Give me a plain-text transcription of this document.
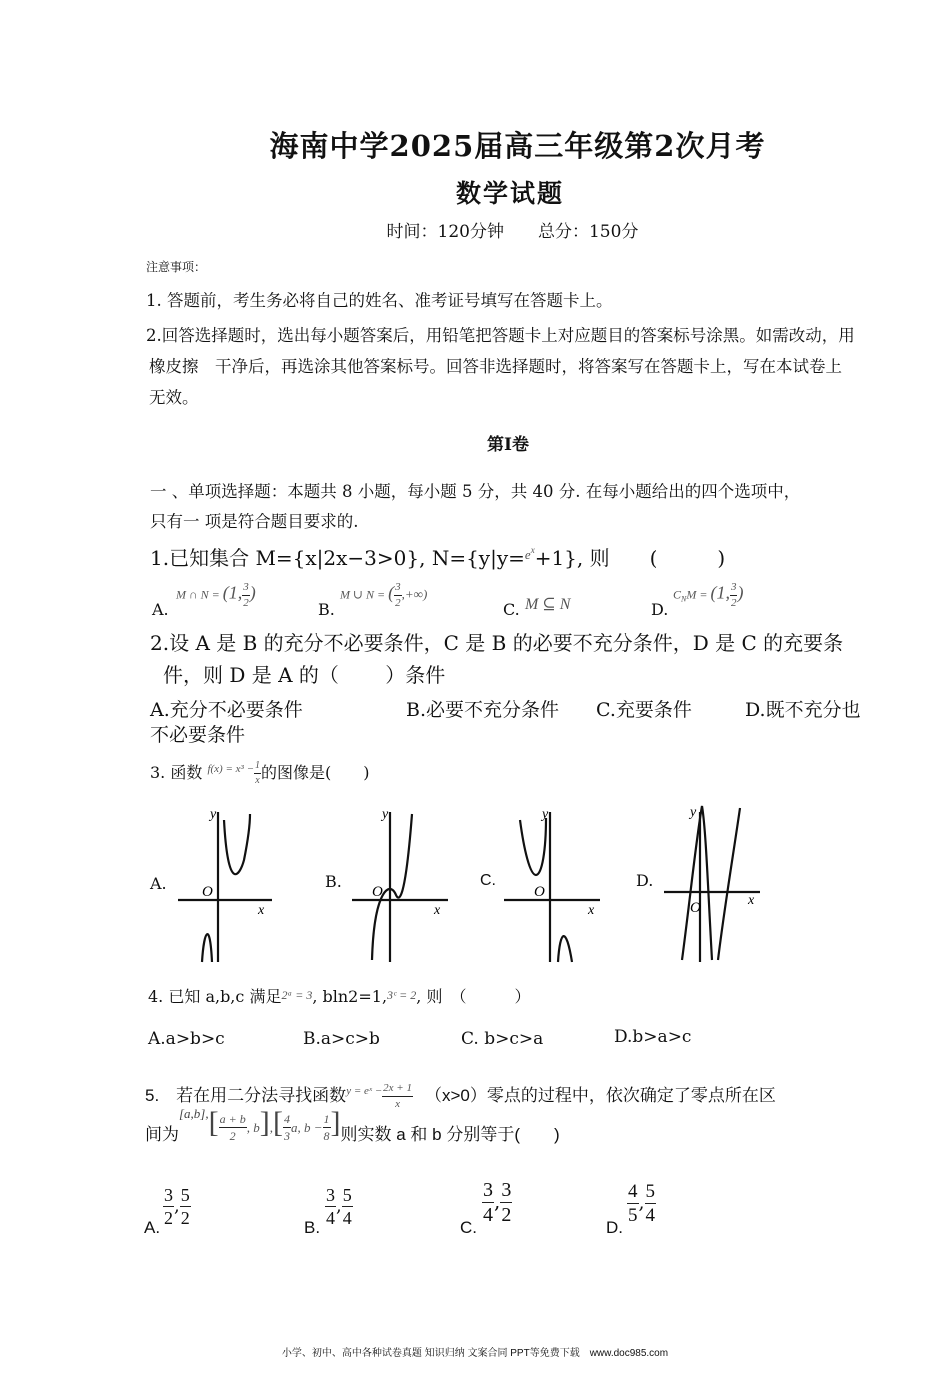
海南中学2025届高三年级第2次月考
数学试题
时间：120分钟　　总分：150分
注意事项：
1. 答题前，考生务必将自己的姓名、准考证号填写在答题卡上。
2.回答选择题时，选出每小题答案后，用铅笔把答题卡上对应题目的答案标号涂黑。如需改动，用
橡皮擦　干净后，再选涂其他答案标号。回答非选择题时，将答案写在答题卡上，写在本试卷上
无效。
第Ⅰ卷
一 、单项选择题：本题共 8 小题，每小题 5 分，共 40 分. 在每小题给出的四个选项中，
只有一 项是符合题目要求的.
1.已知集合 M={x|2x−3>0}, N={y|y=$^{ex}$+1}, 则　　(　　　)
A.
M ∩ N = (1, $\frac{3}{2}$ )
B.
M ∪ N = ( $\frac{3}{2}$ ,+∞)
C. M ⊆ N	D.
$C_NM = (1$, $\frac{3}{2}$ )
2.设 A 是 B 的充分不必要条件，C 是 B 的必要不充分条件，D 是 C 的充要条
件，则 D 是 A 的（　　 ）条件
A.充分不必要条件	B.必要不充分条件 C.充要条件	D.既不充分也
不必要条件
3. 函数 $^{f(x) = x^3 -} \frac{1}{x}$ 的图像是(　　)
A.	B.	C.	D.
y
x
O
y
x
O
y
x
O
y
x
O
4. 已知 a,b,c 满足2ᵃ = 3, bln2=1,3ᶜ = 2, 则　（　　　）
A.a>b>c	B.a>c>b	C. b>c>a	D.b>a>c
5.　若在用二分法寻找函数$^{y = eˣ -} \frac{2x + 1}{x} (x>0)$零点的过程中，依次确定了零点所在区
间为$^{[a,b],}[ \frac{a + b}{2}$ , $b],[ \frac{4}{3} a$, $b - \frac{1}{8}$ ]则实数 a 和 b 分别等于(　　)
A.
$\frac{3}{2}$ , $\frac{5}{2}$
B.
$\frac{3}{4}$ , $\frac{5}{4}$
C.
$\frac{3}{4}$ , $\frac{3}{2}$
D.
$\frac{4}{5}$ , $\frac{5}{4}$
小学、初中、高中各种试卷真题 知识归纳 文案合同 PPT等免费下载　www.doc985.com
